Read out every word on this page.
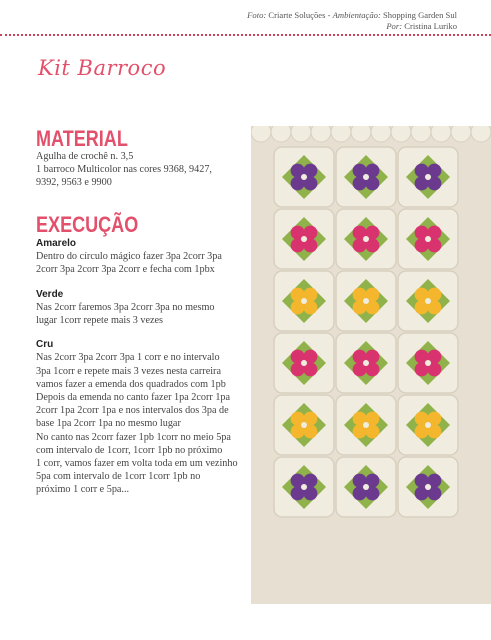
Foto: Criarte Soluções - Ambientação: Shopping Garden Sul
Por: Cristina Luriko
Kit Barroco
MATERIAL
Agulha de crochê n. 3,5
1 barroco Multicolor nas cores 9368, 9427,
9392, 9563 e 9900
EXECUÇÃO
Amarelo
Dentro do círculo mágico fazer 3pa 2corr 3pa
2corr 3pa 2corr 3pa 2corr e fecha com 1pbx
Verde
Nas 2corr faremos 3pa 2corr 3pa no mesmo
lugar 1corr repete mais 3 vezes
Cru
Nas 2corr 3pa 2corr 3pa 1 corr e no intervalo
3pa 1corr e repete mais 3 vezes nesta carreira
vamos fazer a emenda dos quadrados com 1pb
Depois da emenda no canto fazer 1pa 2corr 1pa
2corr 1pa 2corr 1pa e nos intervalos dos 3pa de
base 1pa 2corr 1pa no mesmo lugar
No canto nas 2corr fazer 1pb 1corr no meio 5pa
com intervalo de 1corr, 1corr 1pb no próximo
1 corr, vamos fazer em volta toda em um vezinho
5pa com intervalo de 1corr 1corr 1pb no
próximo 1 corr e 5pa...
